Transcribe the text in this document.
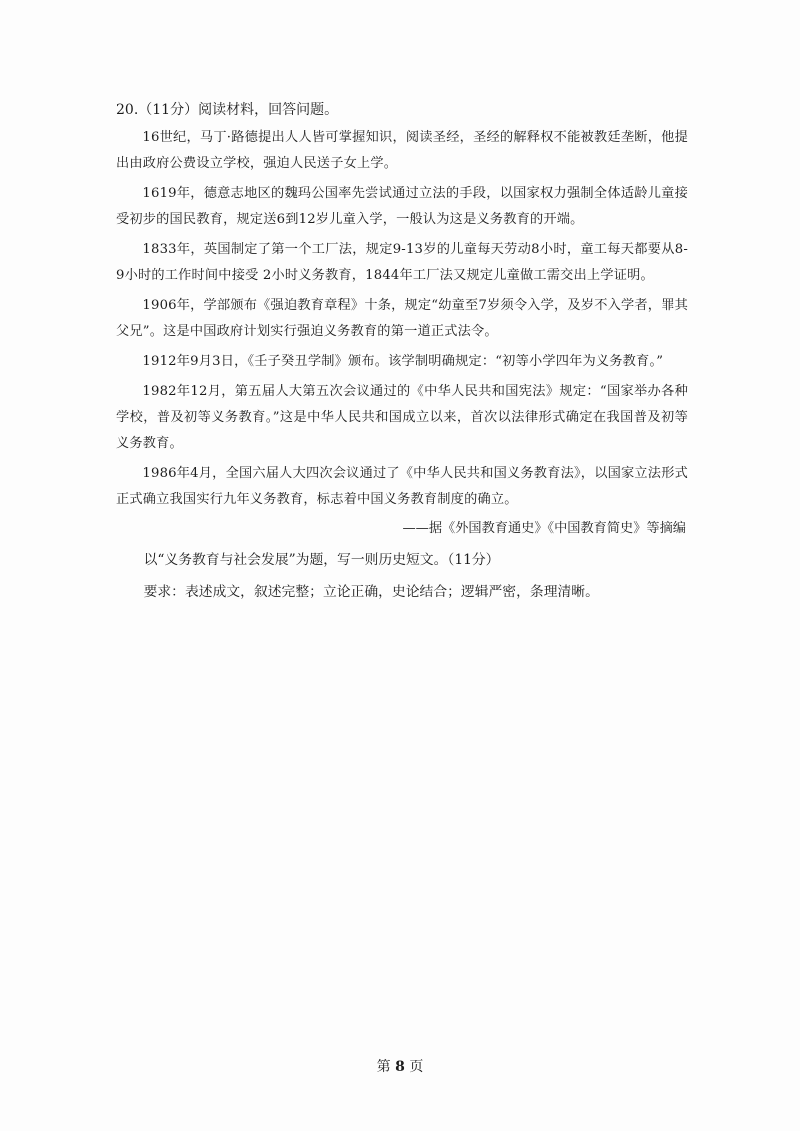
20.（11分）阅读材料，回答问题。

16世纪，马丁·路德提出人人皆可掌握知识，阅读圣经，圣经的解释权不能被教廷垄断，他提出由政府公费设立学校，强迫人民送子女上学。

1619年，德意志地区的魏玛公国率先尝试通过立法的手段，以国家权力强制全体适龄儿童接受初步的国民教育，规定送6到12岁儿童入学，一般认为这是义务教育的开端。

1833年，英国制定了第一个工厂法，规定9-13岁的儿童每天劳动8小时，童工每天都要从8-9小时的工作时间中接受 2小时义务教育，1844年工厂法又规定儿童做工需交出上学证明。

1906年，学部颁布《强迫教育章程》十条，规定“幼童至7岁须令入学，及岁不入学者，罪其父兄”。这是中国政府计划实行强迫义务教育的第一道正式法令。

1912年9月3日，《壬子癸丑学制》颁布。该学制明确规定：“初等小学四年为义务教育。”

1982年12月，第五届人大第五次会议通过的《中华人民共和国宪法》规定：“国家举办各种学校，普及初等义务教育。”这是中华人民共和国成立以来，首次以法律形式确定在我国普及初等义务教育。

1986年4月，全国六届人大四次会议通过了《中华人民共和国义务教育法》，以国家立法形式正式确立我国实行九年义务教育，标志着中国义务教育制度的确立。

——据《外国教育通史》《中国教育简史》等摘编

以“义务教育与社会发展”为题，写一则历史短文。（11分）

要求：表述成文，叙述完整；立论正确，史论结合；逻辑严密，条理清晰。

第 8 页
